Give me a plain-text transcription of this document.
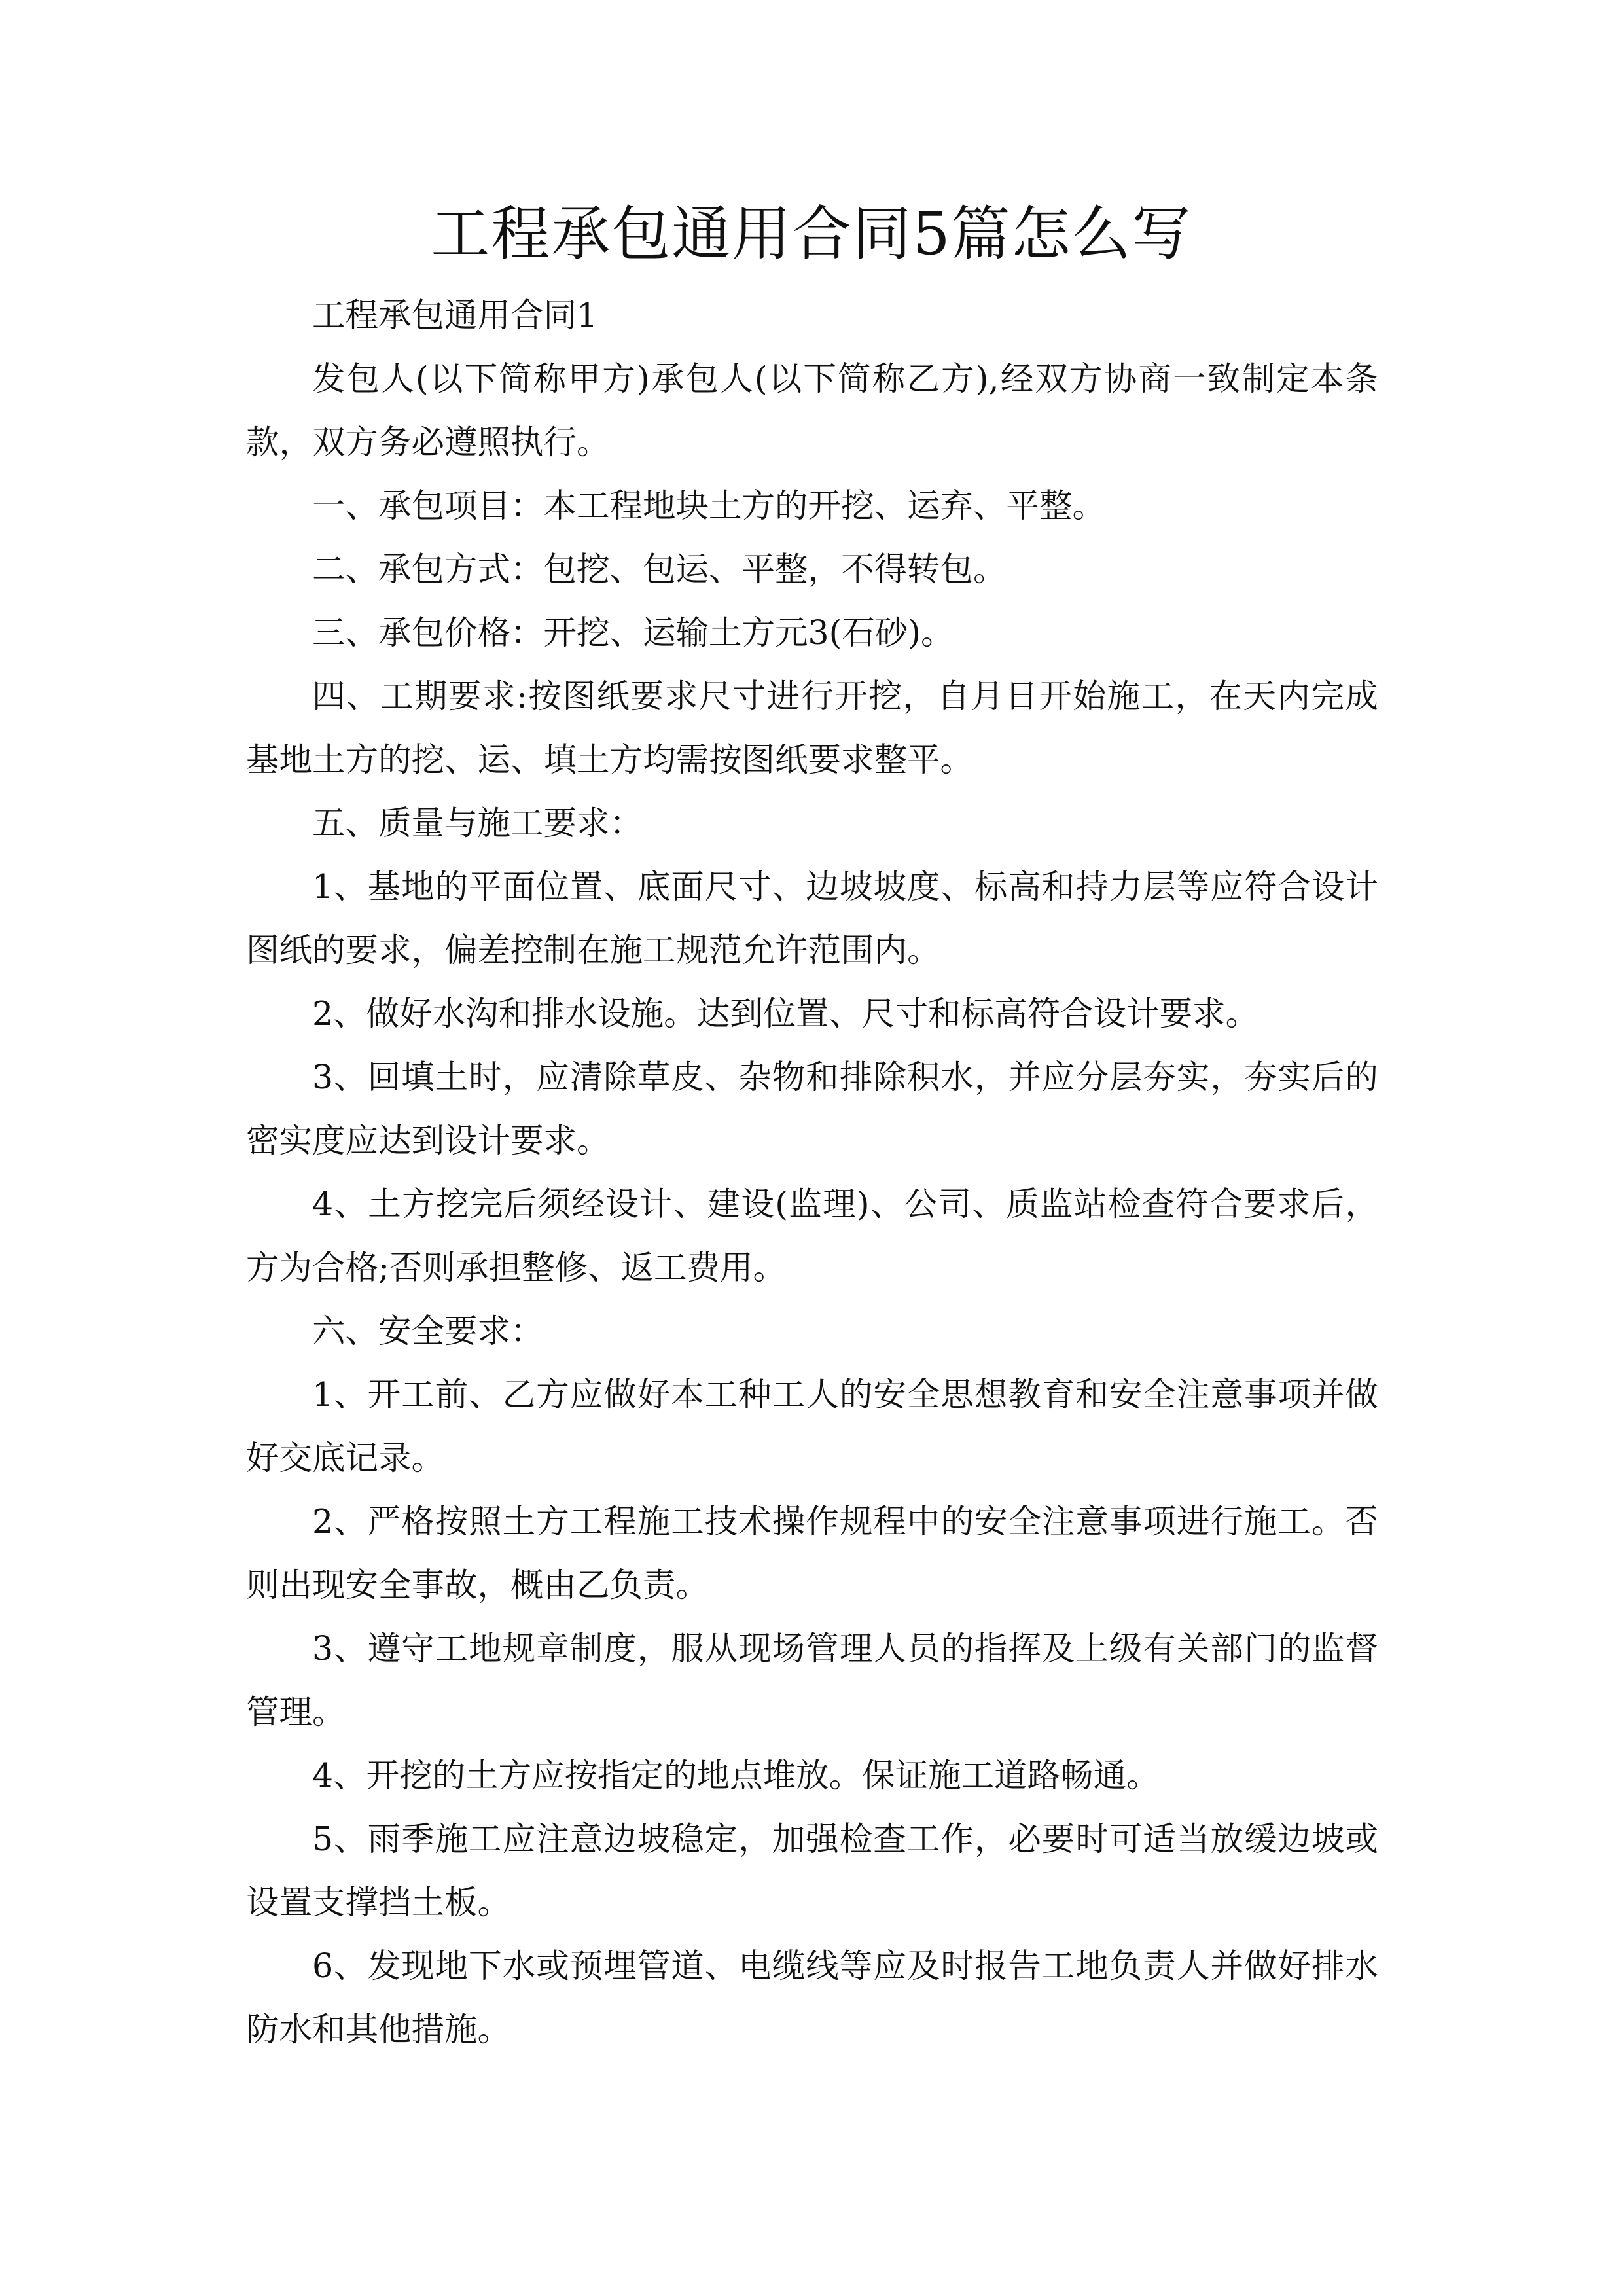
工程承包通用合同5篇怎么写

工程承包通用合同1

发包人(以下简称甲方)承包人(以下简称乙方),经双方协商一致制定本条款，双方务必遵照执行。

一、承包项目：本工程地块土方的开挖、运弃、平整。

二、承包方式：包挖、包运、平整，不得转包。

三、承包价格：开挖、运输土方元3(石砂)。

四、工期要求:按图纸要求尺寸进行开挖，自月日开始施工，在天内完成基地土方的挖、运、填土方均需按图纸要求整平。

五、质量与施工要求：

1、基地的平面位置、底面尺寸、边坡坡度、标高和持力层等应符合设计图纸的要求，偏差控制在施工规范允许范围内。

2、做好水沟和排水设施。达到位置、尺寸和标高符合设计要求。

3、回填土时，应清除草皮、杂物和排除积水，并应分层夯实，夯实后的密实度应达到设计要求。

4、土方挖完后须经设计、建设(监理)、公司、质监站检查符合要求后，方为合格;否则承担整修、返工费用。

六、安全要求：

1、开工前、乙方应做好本工种工人的安全思想教育和安全注意事项并做好交底记录。

2、严格按照土方工程施工技术操作规程中的安全注意事项进行施工。否则出现安全事故，概由乙负责。

3、遵守工地规章制度，服从现场管理人员的指挥及上级有关部门的监督管理。

4、开挖的土方应按指定的地点堆放。保证施工道路畅通。

5、雨季施工应注意边坡稳定，加强检查工作，必要时可适当放缓边坡或设置支撑挡土板。

6、发现地下水或预埋管道、电缆线等应及时报告工地负责人并做好排水防水和其他措施。
